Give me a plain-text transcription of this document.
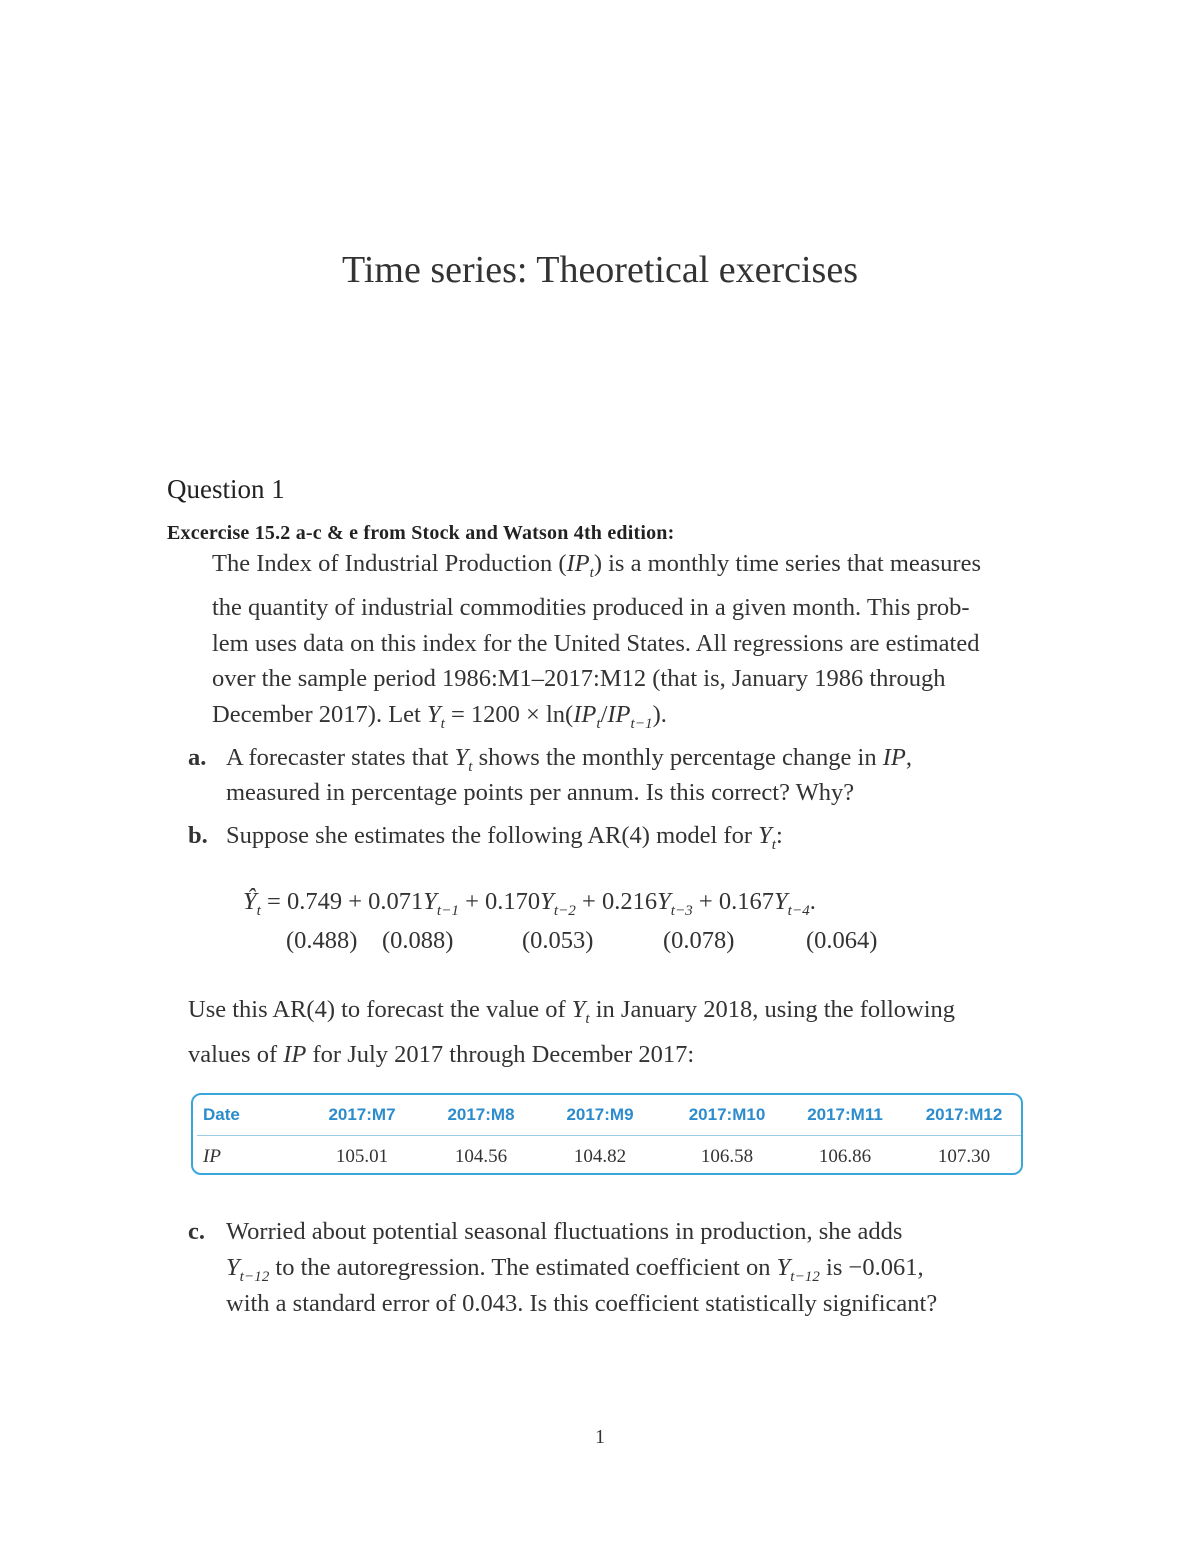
Time series: Theoretical exercises
Question 1
Excercise 15.2 a-c & e from Stock and Watson 4th edition:
The Index of Industrial Production $(IP_t)$ is a monthly time series that measures
the quantity of industrial commodities produced in a given month. This prob-
lem uses data on this index for the United States. All regressions are estimated
over the sample period 1986:M1–2017:M12 (that is, January 1986 through
December 2017). Let $Y_t = 1200 \times \ln(IP_t/IP_{t-1})$.
a. A forecaster states that $Y_t$ shows the monthly percentage change in IP,
measured in percentage points per annum. Is this correct? Why?
b. Suppose she estimates the following AR(4) model for $Y_t$:
$Ŷ_t = 0.749 + 0.071Y_{t-1} + 0.170Y_{t-2} + 0.216Y_{t-3} + 0.167Y_{t-4}$.
(0.488) (0.088)	(0.053)	(0.078)	(0.064)
Use this AR(4) to forecast the value of $Y_t$ in January 2018, using the following
values of IP for July 2017 through December 2017:
Date	2017:M7	2017:M8	2017:M9	2017:M10	2017:M11	2017:M12
IP	105.01	104.56	104.82	106.58	106.86	107.30
c. Worried about potential seasonal fluctuations in production, she adds
$Y_{t-12}$ to the autoregression. The estimated coefficient on $Y_{t-12}$ is −0.061,
with a standard error of 0.043. Is this coefficient statistically significant?
1
